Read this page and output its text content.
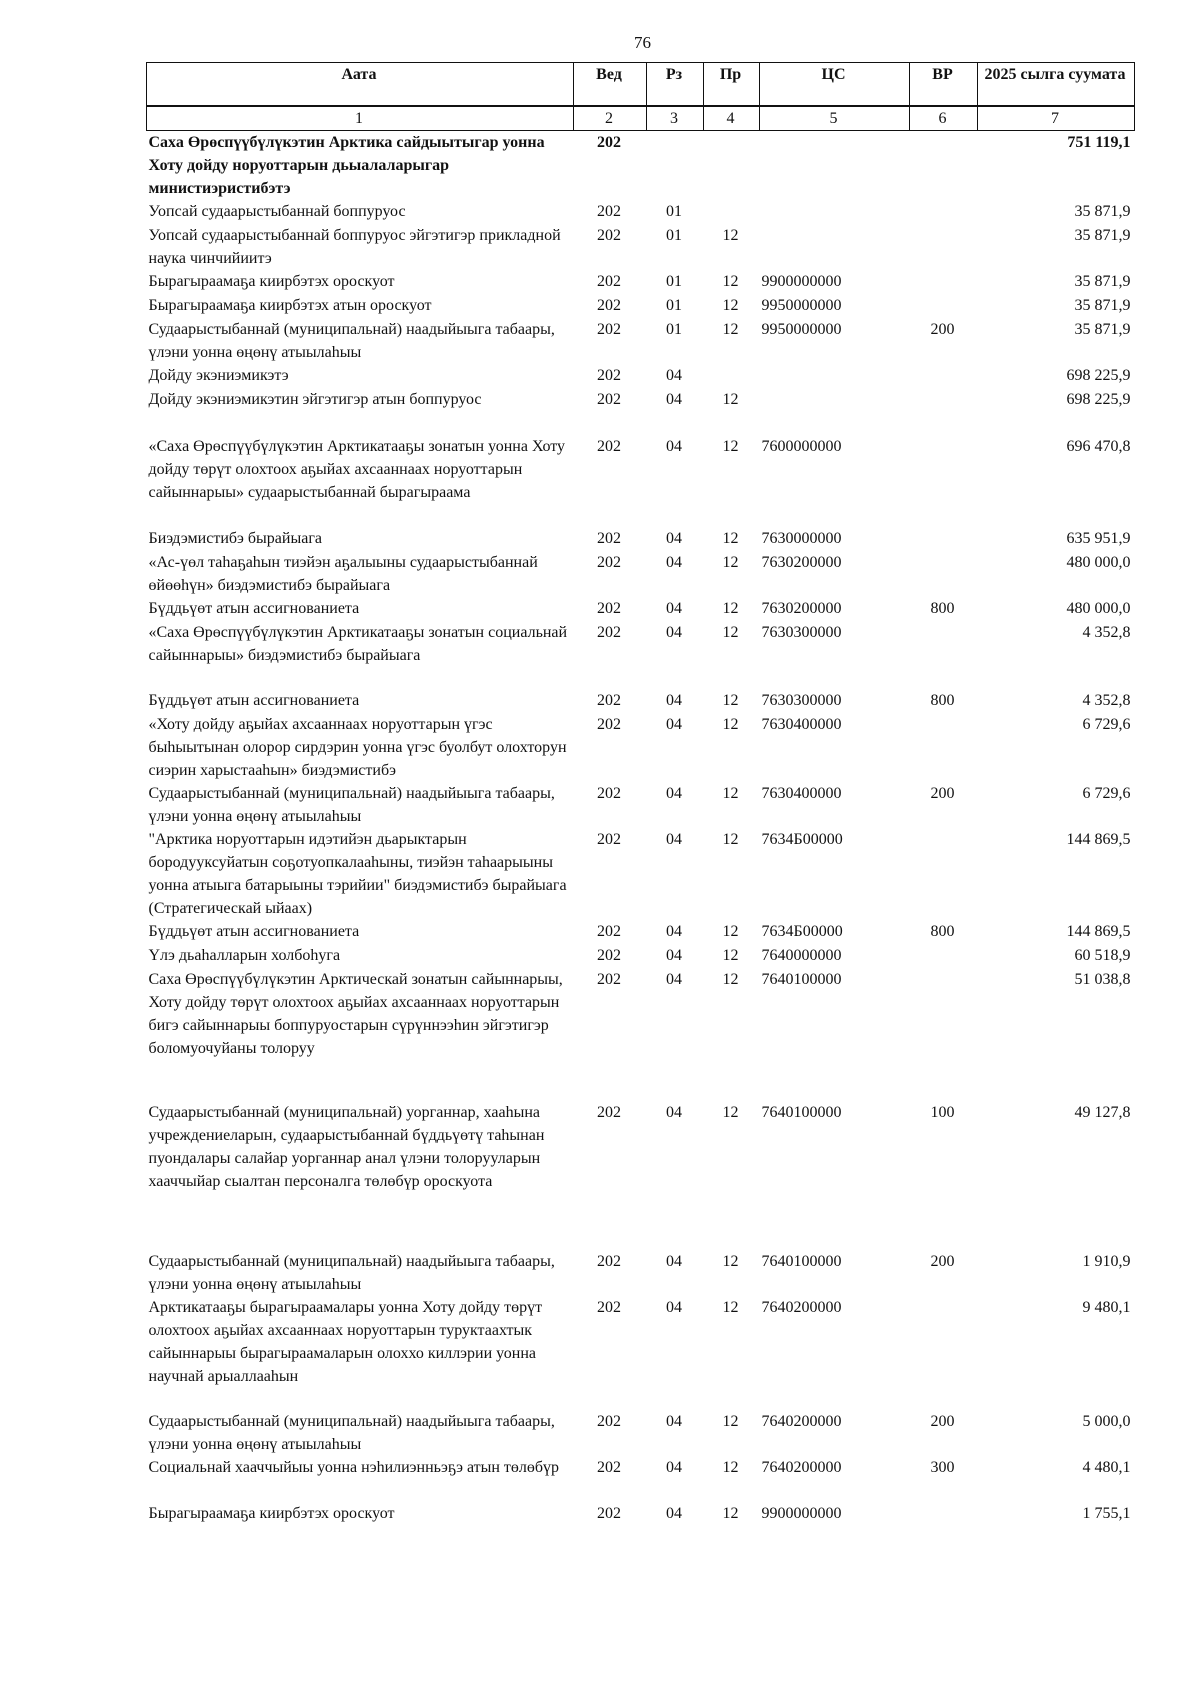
76
Аата	Вед	Рз	Пр	ЦС	ВР	2025 сылга суумата
1	2	3	4	5	6	7
Саха Өрөспүүбүлүкэтин Арктика сайдыытыгар уонна Хоту дойду норуоттарын дьыалаларыгар министиэристибэтэ	202					751 119,1
Уопсай судаарыстыбаннай боппуруос	202	01				35 871,9
Уопсай судаарыстыбаннай боппуруос эйгэтигэр прикладной наука чинчийиитэ	202	01	12			35 871,9
Бырагыраамаҕа киирбэтэх ороскуот	202	01	12	9900000000		35 871,9
Бырагыраамаҕа киирбэтэх атын ороскуот	202	01	12	9950000000		35 871,9
Судаарыстыбаннай (муниципальнай) наадыйыыга табаары, үлэни уонна өңөнү атыылаһыы	202	01	12	9950000000	200	35 871,9
Дойду экэниэмикэтэ	202	04				698 225,9
Дойду экэниэмикэтин эйгэтигэр атын боппуруос	202	04	12			698 225,9
«Саха Өрөспүүбүлүкэтин Арктикатааҕы зонатын уонна Хоту дойду төрүт олохтоох аҕыйах ахсааннаах норуоттарын сайыннарыы» судаарыстыбаннай бырагыраама	202	04	12	7600000000		696 470,8
Биэдэмистибэ бырайыага	202	04	12	7630000000		635 951,9
«Ас-үөл таһаҕаһын тиэйэн аҕалыыны судаарыстыбаннай өйөөһүн» биэдэмистибэ бырайыага	202	04	12	7630200000		480 000,0
Бүддьүөт атын ассигнованиета	202	04	12	7630200000	800	480 000,0
«Саха Өрөспүүбүлүкэтин Арктикатааҕы зонатын социальнай сайыннарыы» биэдэмистибэ бырайыага	202	04	12	7630300000		4 352,8
Бүддьүөт атын ассигнованиета	202	04	12	7630300000	800	4 352,8
«Хоту дойду аҕыйах ахсааннаах норуоттарын үгэс быһыытынан олорор сирдэрин уонна үгэс буолбут олохторун сиэрин харыстааһын» биэдэмистибэ	202	04	12	7630400000		6 729,6
Судаарыстыбаннай (муниципальнай) наадыйыыга табаары, үлэни уонна өңөнү атыылаһыы	202	04	12	7630400000	200	6 729,6
"Арктика норуоттарын идэтийэн дьарыктарын бородууксуйатын соҕотуопкалааһыны, тиэйэн таһаарыыны уонна атыыга батарыыны тэрийии" биэдэмистибэ бырайыага (Стратегическай ыйаах)	202	04	12	7634Б00000		144 869,5
Бүддьүөт атын ассигнованиета	202	04	12	7634Б00000	800	144 869,5
Үлэ дьаһалларын холбоһуга	202	04	12	7640000000		60 518,9
Саха Өрөспүүбүлүкэтин Арктическай зонатын сайыннарыы, Хоту дойду төрүт олохтоох аҕыйах ахсааннаах норуоттарын бигэ сайыннарыы боппуруостарын сүрүннээһин эйгэтигэр боломуочуйаны толоруу	202	04	12	7640100000		51 038,8
Судаарыстыбаннай (муниципальнай) уорганнар, хааһына учреждениеларын, судаарыстыбаннай бүддьүөтү таһынан пуондалары салайар уорганнар анал үлэни толорууларын хааччыйар сыалтан персоналга төлөбүр ороскуота	202	04	12	7640100000	100	49 127,8
Судаарыстыбаннай (муниципальнай) наадыйыыга табаары, үлэни уонна өңөнү атыылаһыы	202	04	12	7640100000	200	1 910,9
Арктикатааҕы бырагыраамалары уонна Хоту дойду төрүт олохтоох аҕыйах ахсааннаах норуоттарын туруктаахтык сайыннарыы бырагыраамаларын олоххо киллэрии уонна научнай арыаллааһын	202	04	12	7640200000		9 480,1
Судаарыстыбаннай (муниципальнай) наадыйыыга табаары, үлэни уонна өңөнү атыылаһыы	202	04	12	7640200000	200	5 000,0
Социальнай хааччыйыы уонна нэһилиэнньэҕэ атын төлөбүр	202	04	12	7640200000	300	4 480,1
Бырагыраамаҕа киирбэтэх ороскуот	202	04	12	9900000000		1 755,1
